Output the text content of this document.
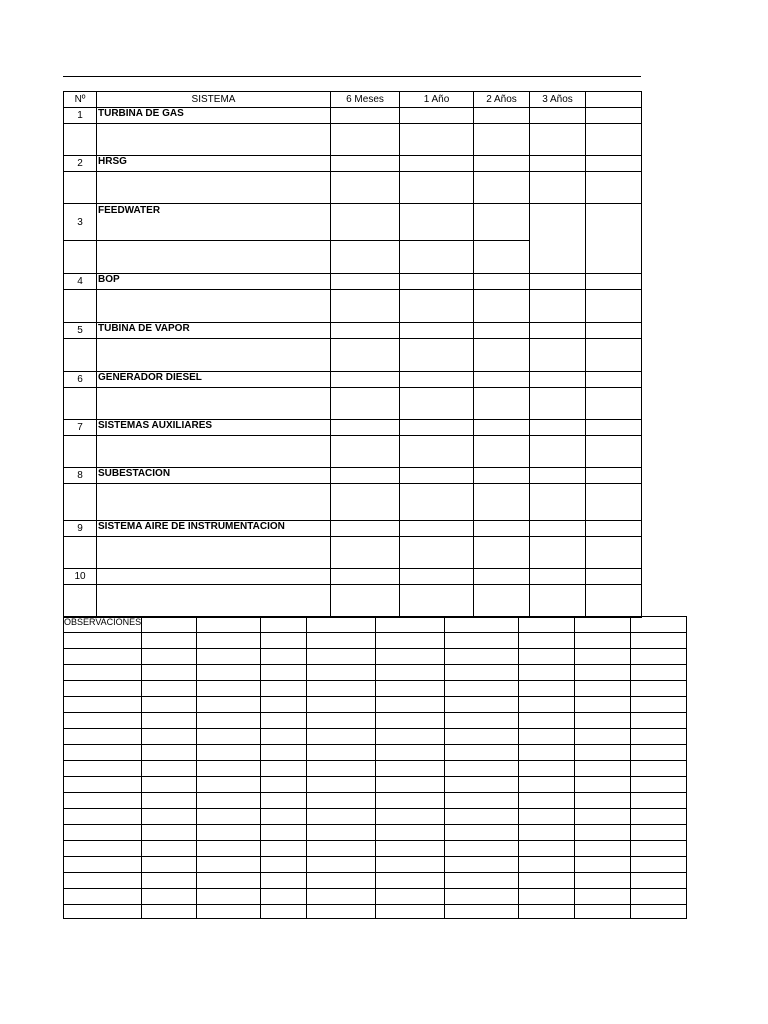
Nº	SISTEMA	6 Meses	1 Año	2 Años	3 Años	
1	TURBINA DE GAS					

2	HRSG					

3	FEEDWATER					

4	BOP					

5	TUBINA DE VAPOR					

6	GENERADOR DIESEL					

7	SISTEMAS AUXILIARES					

8	SUBESTACION					

9	SISTEMA AIRE DE INSTRUMENTACION					

10						

OBSERVACIONES									
